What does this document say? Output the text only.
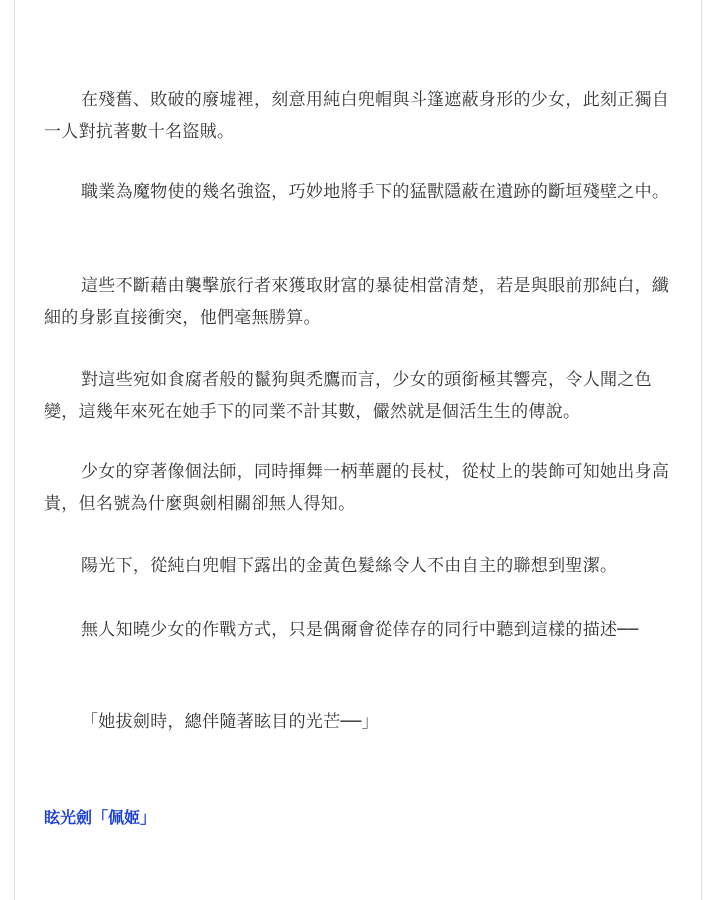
在殘舊、敗破的廢墟裡，刻意用純白兜帽與斗篷遮蔽身形的少女，此刻正獨自一人對抗著數十名盜賊。

職業為魔物使的幾名強盜，巧妙地將手下的猛獸隱蔽在遺跡的斷垣殘壁之中。

這些不斷藉由襲擊旅行者來獲取財富的暴徒相當清楚，若是與眼前那純白，纖細的身影直接衝突，他們毫無勝算。

對這些宛如食腐者般的鬣狗與禿鷹而言，少女的頭銜極其響亮，令人聞之色變，這幾年來死在她手下的同業不計其數，儼然就是個活生生的傳說。

少女的穿著像個法師，同時揮舞一柄華麗的長杖，從杖上的裝飾可知她出身高貴，但名號為什麼與劍相關卻無人得知。

陽光下，從純白兜帽下露出的金黃色髮絲令人不由自主的聯想到聖潔。

無人知曉少女的作戰方式，只是偶爾會從倖存的同行中聽到這樣的描述──

「她拔劍時，總伴隨著眩目的光芒──」

眩光劍「佩姬」
